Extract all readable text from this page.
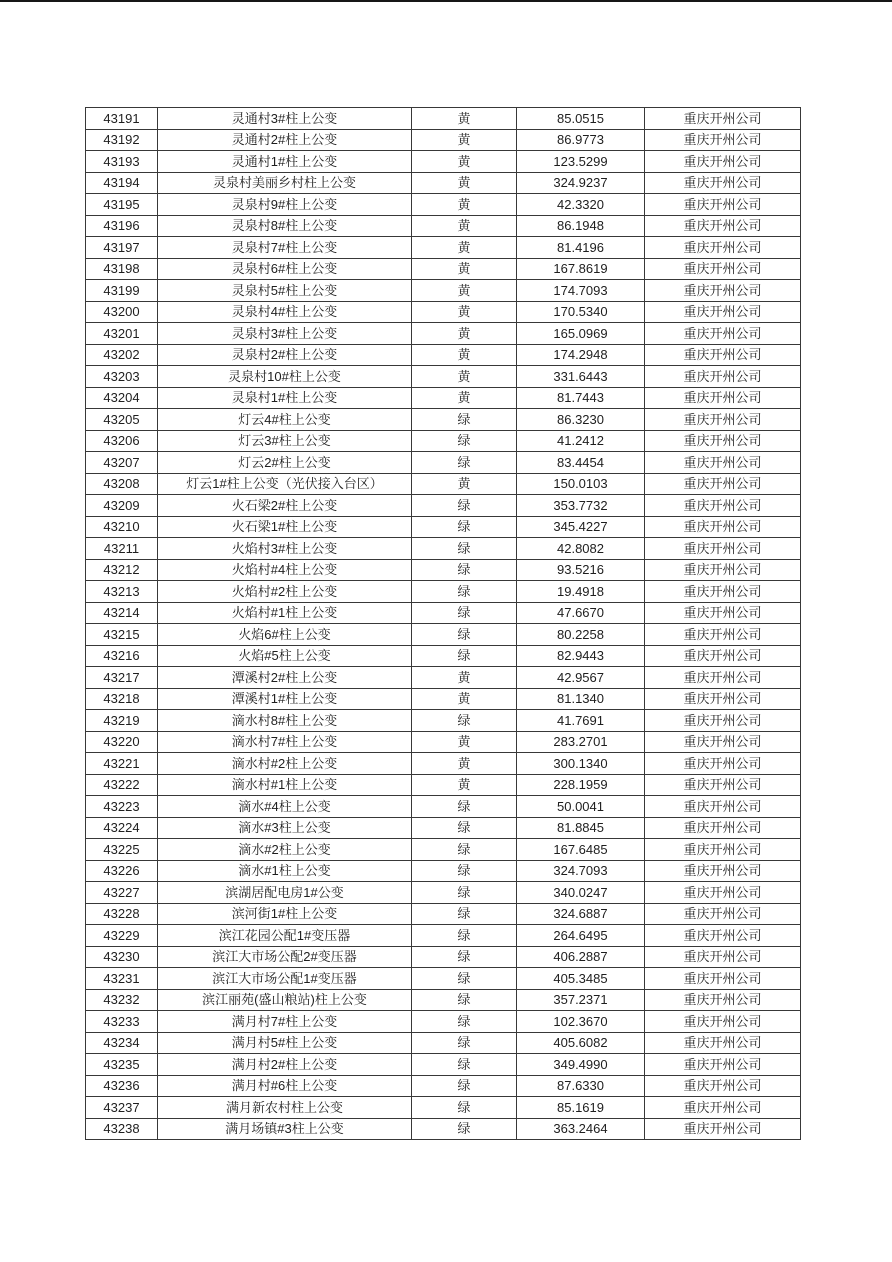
43191	灵通村3#柱上公变	黄	85.0515	重庆开州公司
43192	灵通村2#柱上公变	黄	86.9773	重庆开州公司
43193	灵通村1#柱上公变	黄	123.5299	重庆开州公司
43194	灵泉村美丽乡村柱上公变	黄	324.9237	重庆开州公司
43195	灵泉村9#柱上公变	黄	42.3320	重庆开州公司
43196	灵泉村8#柱上公变	黄	86.1948	重庆开州公司
43197	灵泉村7#柱上公变	黄	81.4196	重庆开州公司
43198	灵泉村6#柱上公变	黄	167.8619	重庆开州公司
43199	灵泉村5#柱上公变	黄	174.7093	重庆开州公司
43200	灵泉村4#柱上公变	黄	170.5340	重庆开州公司
43201	灵泉村3#柱上公变	黄	165.0969	重庆开州公司
43202	灵泉村2#柱上公变	黄	174.2948	重庆开州公司
43203	灵泉村10#柱上公变	黄	331.6443	重庆开州公司
43204	灵泉村1#柱上公变	黄	81.7443	重庆开州公司
43205	灯云4#柱上公变	绿	86.3230	重庆开州公司
43206	灯云3#柱上公变	绿	41.2412	重庆开州公司
43207	灯云2#柱上公变	绿	83.4454	重庆开州公司
43208	灯云1#柱上公变（光伏接入台区）	黄	150.0103	重庆开州公司
43209	火石梁2#柱上公变	绿	353.7732	重庆开州公司
43210	火石梁1#柱上公变	绿	345.4227	重庆开州公司
43211	火焰村3#柱上公变	绿	42.8082	重庆开州公司
43212	火焰村#4柱上公变	绿	93.5216	重庆开州公司
43213	火焰村#2柱上公变	绿	19.4918	重庆开州公司
43214	火焰村#1柱上公变	绿	47.6670	重庆开州公司
43215	火焰6#柱上公变	绿	80.2258	重庆开州公司
43216	火焰#5柱上公变	绿	82.9443	重庆开州公司
43217	潭溪村2#柱上公变	黄	42.9567	重庆开州公司
43218	潭溪村1#柱上公变	黄	81.1340	重庆开州公司
43219	滴水村8#柱上公变	绿	41.7691	重庆开州公司
43220	滴水村7#柱上公变	黄	283.2701	重庆开州公司
43221	滴水村#2柱上公变	黄	300.1340	重庆开州公司
43222	滴水村#1柱上公变	黄	228.1959	重庆开州公司
43223	滴水#4柱上公变	绿	50.0041	重庆开州公司
43224	滴水#3柱上公变	绿	81.8845	重庆开州公司
43225	滴水#2柱上公变	绿	167.6485	重庆开州公司
43226	滴水#1柱上公变	绿	324.7093	重庆开州公司
43227	滨湖居配电房1#公变	绿	340.0247	重庆开州公司
43228	滨河街1#柱上公变	绿	324.6887	重庆开州公司
43229	滨江花园公配1#变压器	绿	264.6495	重庆开州公司
43230	滨江大市场公配2#变压器	绿	406.2887	重庆开州公司
43231	滨江大市场公配1#变压器	绿	405.3485	重庆开州公司
43232	滨江丽苑(盛山粮站)柱上公变	绿	357.2371	重庆开州公司
43233	满月村7#柱上公变	绿	102.3670	重庆开州公司
43234	满月村5#柱上公变	绿	405.6082	重庆开州公司
43235	满月村2#柱上公变	绿	349.4990	重庆开州公司
43236	满月村#6柱上公变	绿	87.6330	重庆开州公司
43237	满月新农村柱上公变	绿	85.1619	重庆开州公司
43238	满月场镇#3柱上公变	绿	363.2464	重庆开州公司
